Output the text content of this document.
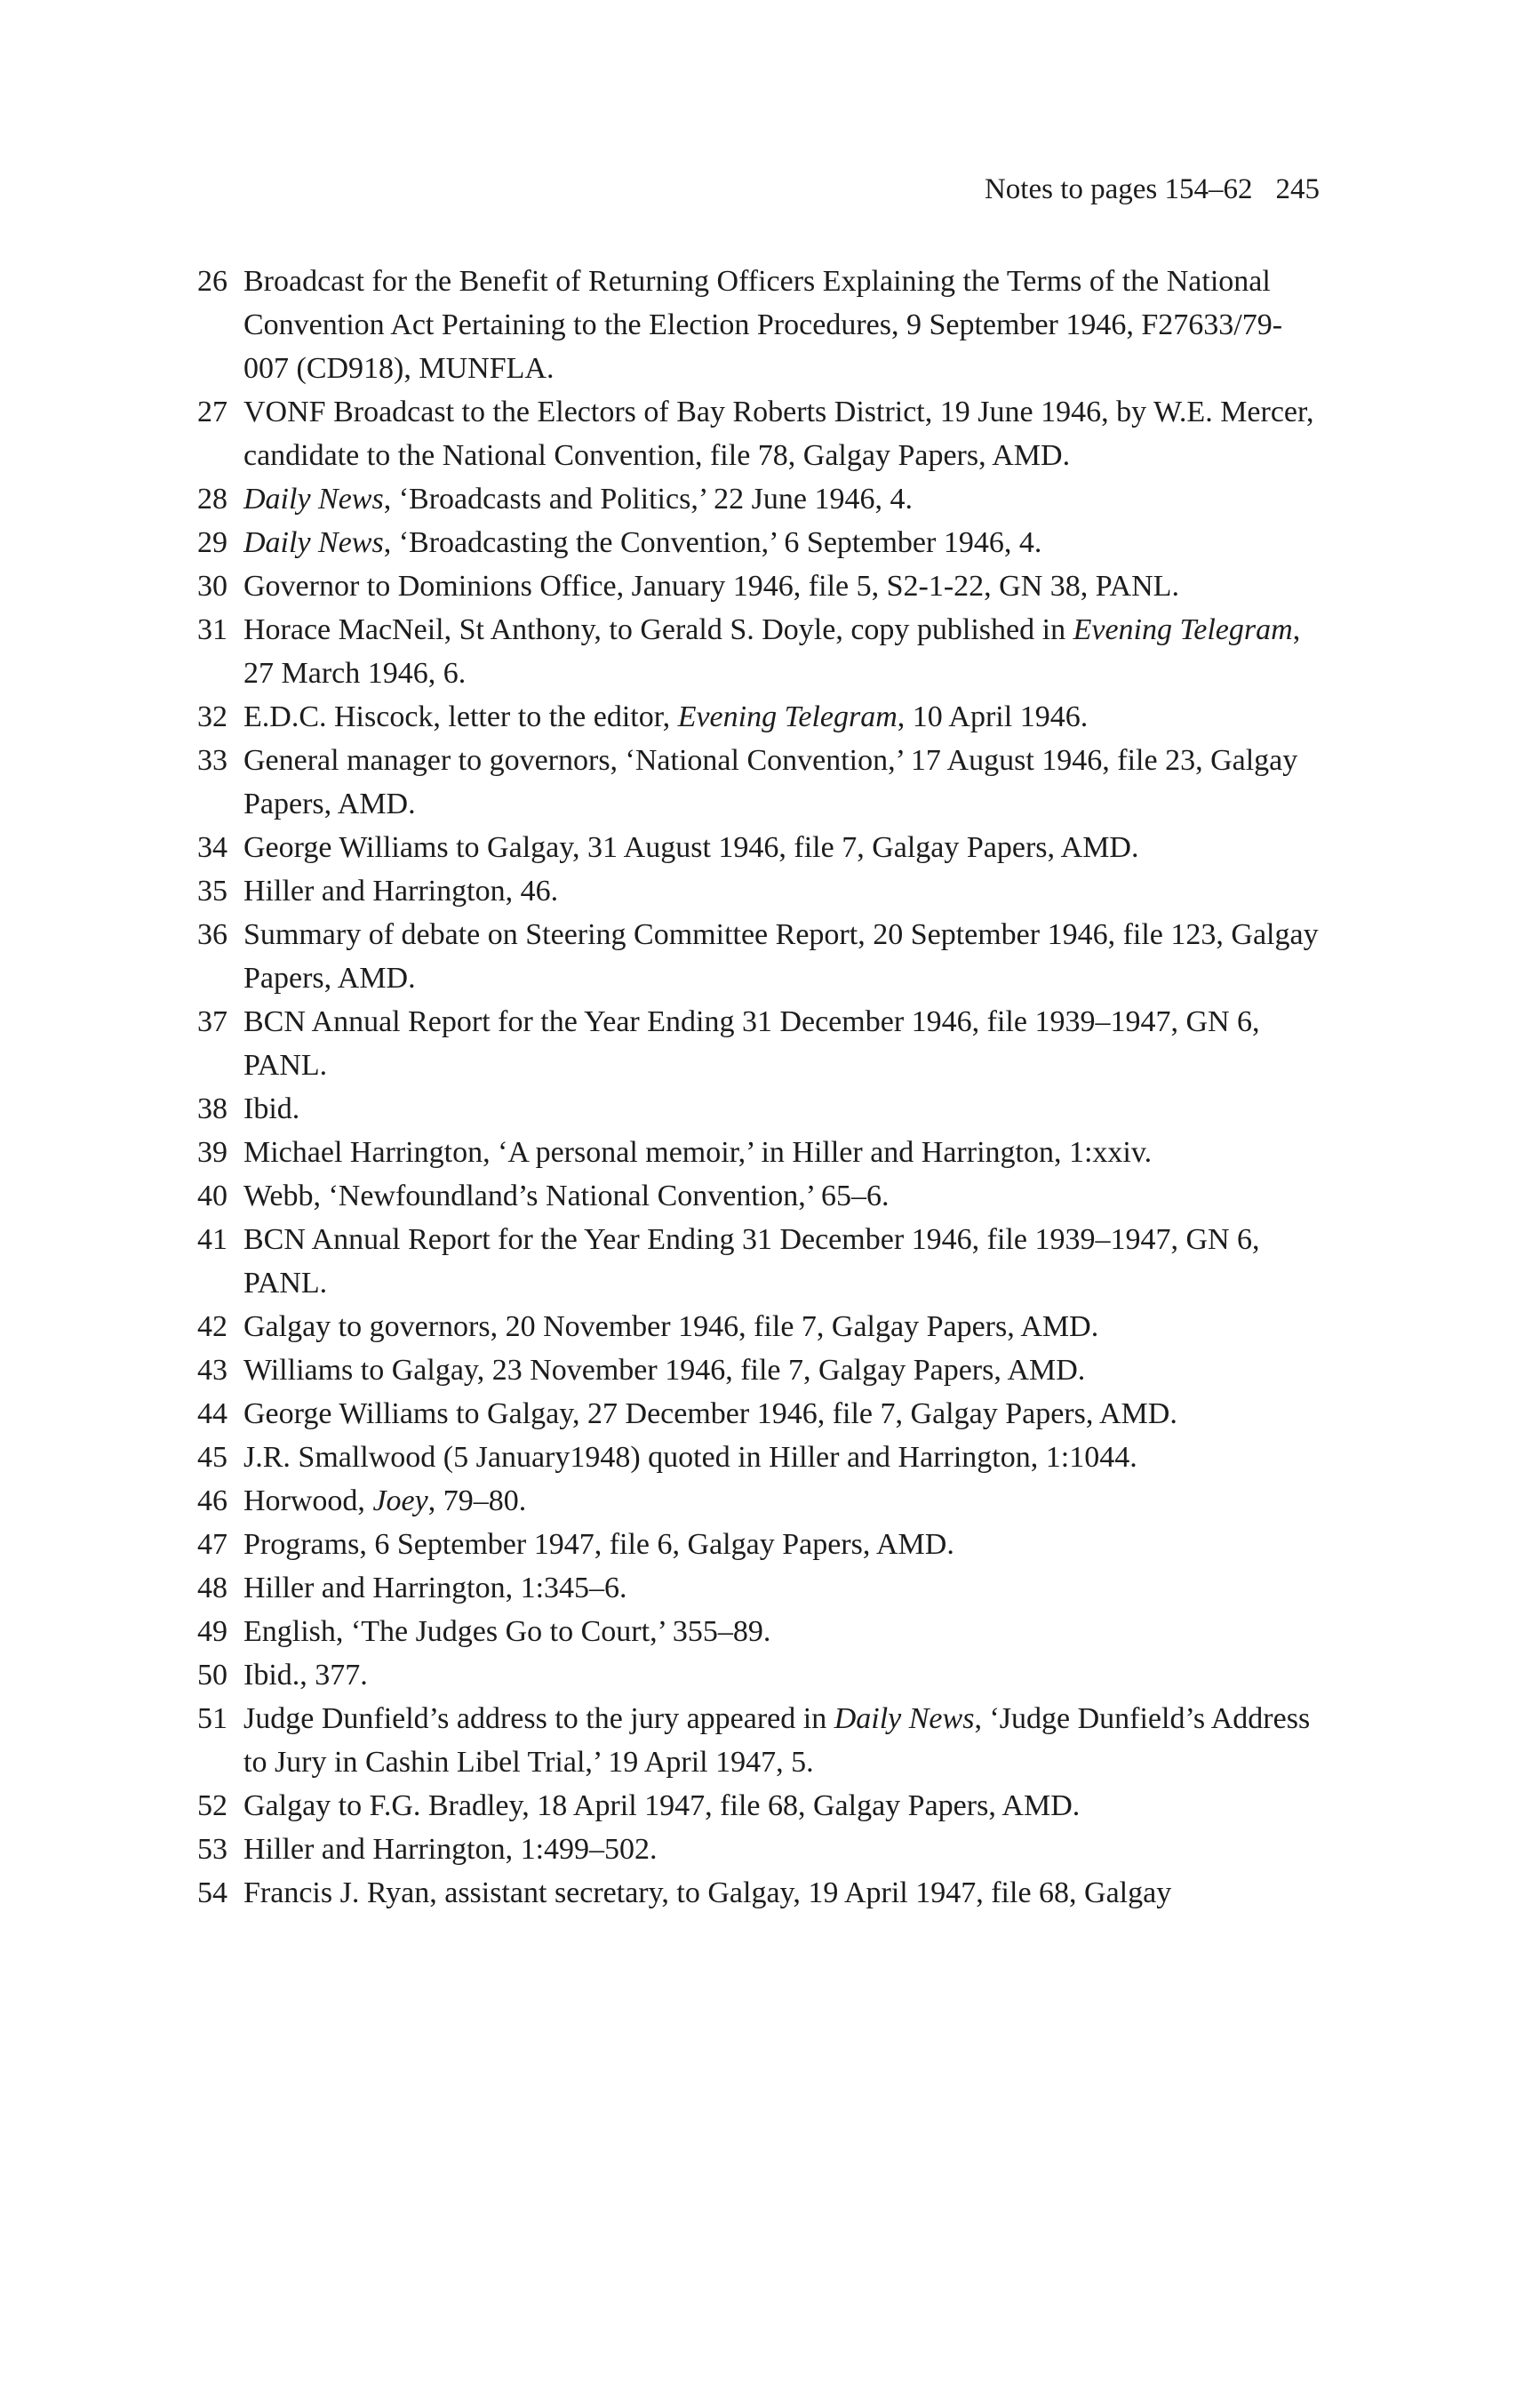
Notes to pages 154–62 245
26 Broadcast for the Benefit of Returning Officers Explaining the Terms of the National Convention Act Pertaining to the Election Procedures, 9 September 1946, F27633/79-007 (CD918), MUNFLA.
27 VONF Broadcast to the Electors of Bay Roberts District, 19 June 1946, by W.E. Mercer, candidate to the National Convention, file 78, Galgay Papers, AMD.
28 Daily News, ‘Broadcasts and Politics,’ 22 June 1946, 4.
29 Daily News, ‘Broadcasting the Convention,’ 6 September 1946, 4.
30 Governor to Dominions Office, January 1946, file 5, S2-1-22, GN 38, PANL.
31 Horace MacNeil, St Anthony, to Gerald S. Doyle, copy published in Evening Telegram, 27 March 1946, 6.
32 E.D.C. Hiscock, letter to the editor, Evening Telegram, 10 April 1946.
33 General manager to governors, ‘National Convention,’ 17 August 1946, file 23, Galgay Papers, AMD.
34 George Williams to Galgay, 31 August 1946, file 7, Galgay Papers, AMD.
35 Hiller and Harrington, 46.
36 Summary of debate on Steering Committee Report, 20 September 1946, file 123, Galgay Papers, AMD.
37 BCN Annual Report for the Year Ending 31 December 1946, file 1939–1947, GN 6, PANL.
38 Ibid.
39 Michael Harrington, ‘A personal memoir,’ in Hiller and Harrington, 1:xxiv.
40 Webb, ‘Newfoundland’s National Convention,’ 65–6.
41 BCN Annual Report for the Year Ending 31 December 1946, file 1939–1947, GN 6, PANL.
42 Galgay to governors, 20 November 1946, file 7, Galgay Papers, AMD.
43 Williams to Galgay, 23 November 1946, file 7, Galgay Papers, AMD.
44 George Williams to Galgay, 27 December 1946, file 7, Galgay Papers, AMD.
45 J.R. Smallwood (5 January1948) quoted in Hiller and Harrington, 1:1044.
46 Horwood, Joey, 79–80.
47 Programs, 6 September 1947, file 6, Galgay Papers, AMD.
48 Hiller and Harrington, 1:345–6.
49 English, ‘The Judges Go to Court,’ 355–89.
50 Ibid., 377.
51 Judge Dunfield’s address to the jury appeared in Daily News, ‘Judge Dunfield’s Address to Jury in Cashin Libel Trial,’ 19 April 1947, 5.
52 Galgay to F.G. Bradley, 18 April 1947, file 68, Galgay Papers, AMD.
53 Hiller and Harrington, 1:499–502.
54 Francis J. Ryan, assistant secretary, to Galgay, 19 April 1947, file 68, Galgay
